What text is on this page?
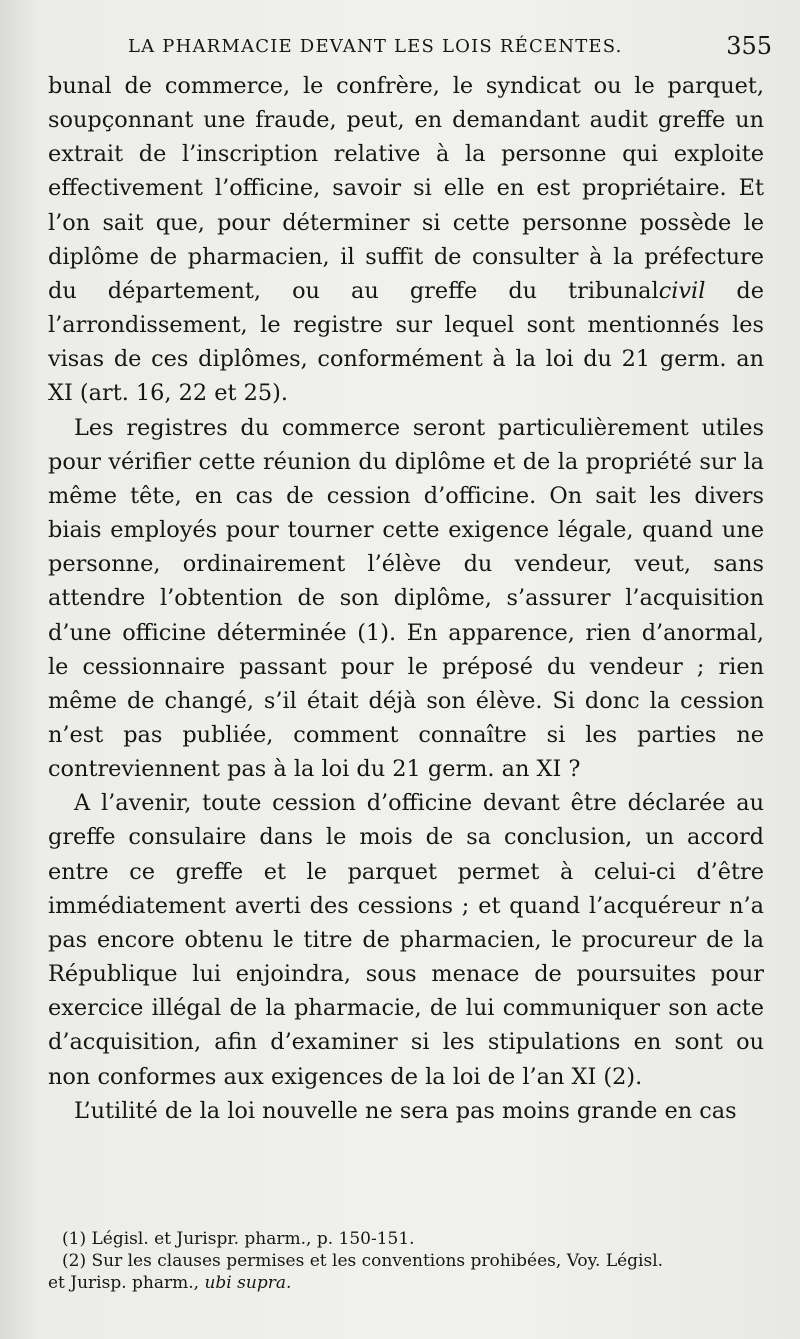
LA PHARMACIE DEVANT LES LOIS RÉCENTES.	355

bunal de commerce, le confrère, le syndicat ou le parquet, soupçonnant une fraude, peut, en demandant audit greffe un extrait de l’inscription relative à la personne qui exploite effectivement l’officine, savoir si elle en est propriétaire. Et l’on sait que, pour déterminer si cette personne possède le diplôme de pharmacien, il suffit de consulter à la préfecture du département, ou au greffe du tribunalcivil de l’arrondissement, le registre sur lequel sont mentionnés les visas de ces diplômes, conformément à la loi du 21 germ. an XI (art. 16, 22 et 25).

Les registres du commerce seront particulièrement utiles pour vérifier cette réunion du diplôme et de la propriété sur la même tête, en cas de cession d’officine. On sait les divers biais employés pour tourner cette exigence légale, quand une personne, ordinairement l’élève du vendeur, veut, sans attendre l’obtention de son diplôme, s’assurer l’acquisition d’une officine déterminée (1). En apparence, rien d’anormal, le cessionnaire passant pour le préposé du vendeur ; rien même de changé, s’il était déjà son élève. Si donc la cession n’est pas publiée, comment connaître si les parties ne contreviennent pas à la loi du 21 germ. an XI ?

A l’avenir, toute cession d’officine devant être déclarée au greffe consulaire dans le mois de sa conclusion, un accord entre ce greffe et le parquet permet à celui-ci d’être immédiatement averti des cessions ; et quand l’acquéreur n’a pas encore obtenu le titre de pharmacien, le procureur de la République lui enjoindra, sous menace de poursuites pour exercice illégal de la pharmacie, de lui communiquer son acte d’acquisition, afin d’examiner si les stipulations en sont ou non conformes aux exigences de la loi de l’an XI (2).

L’utilité de la loi nouvelle ne sera pas moins grande en cas

(1) Législ. et Jurispr. pharm., p. 150-151.

(2) Sur les clauses permises et les conventions prohibées, Voy. Législ.

et Jurisp. pharm., ubi supra.
